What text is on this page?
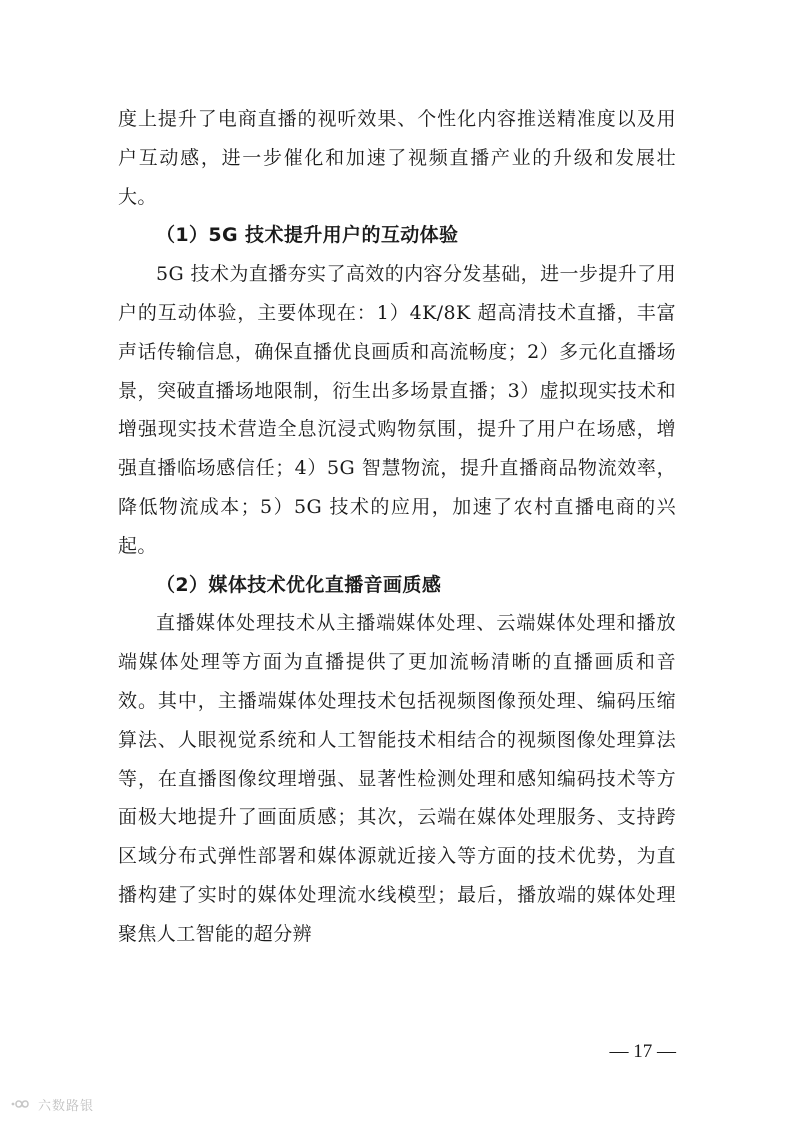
度上提升了电商直播的视听效果、个性化内容推送精准度以及用户互动感，进一步催化和加速了视频直播产业的升级和发展壮大。

（1）5G 技术提升用户的互动体验

5G 技术为直播夯实了高效的内容分发基础，进一步提升了用户的互动体验，主要体现在：1）4K/8K 超高清技术直播，丰富声话传输信息，确保直播优良画质和高流畅度；2）多元化直播场景，突破直播场地限制，衍生出多场景直播；3）虚拟现实技术和增强现实技术营造全息沉浸式购物氛围，提升了用户在场感，增强直播临场感信任；4）5G 智慧物流，提升直播商品物流效率，降低物流成本；5）5G 技术的应用，加速了农村直播电商的兴起。

（2）媒体技术优化直播音画质感

直播媒体处理技术从主播端媒体处理、云端媒体处理和播放端媒体处理等方面为直播提供了更加流畅清晰的直播画质和音效。其中，主播端媒体处理技术包括视频图像预处理、编码压缩算法、人眼视觉系统和人工智能技术相结合的视频图像处理算法等，在直播图像纹理增强、显著性检测处理和感知编码技术等方面极大地提升了画面质感；其次，云端在媒体处理服务、支持跨区域分布式弹性部署和媒体源就近接入等方面的技术优势，为直播构建了实时的媒体处理流水线模型；最后，播放端的媒体处理聚焦人工智能的超分辨

— 17 —
六数路银
